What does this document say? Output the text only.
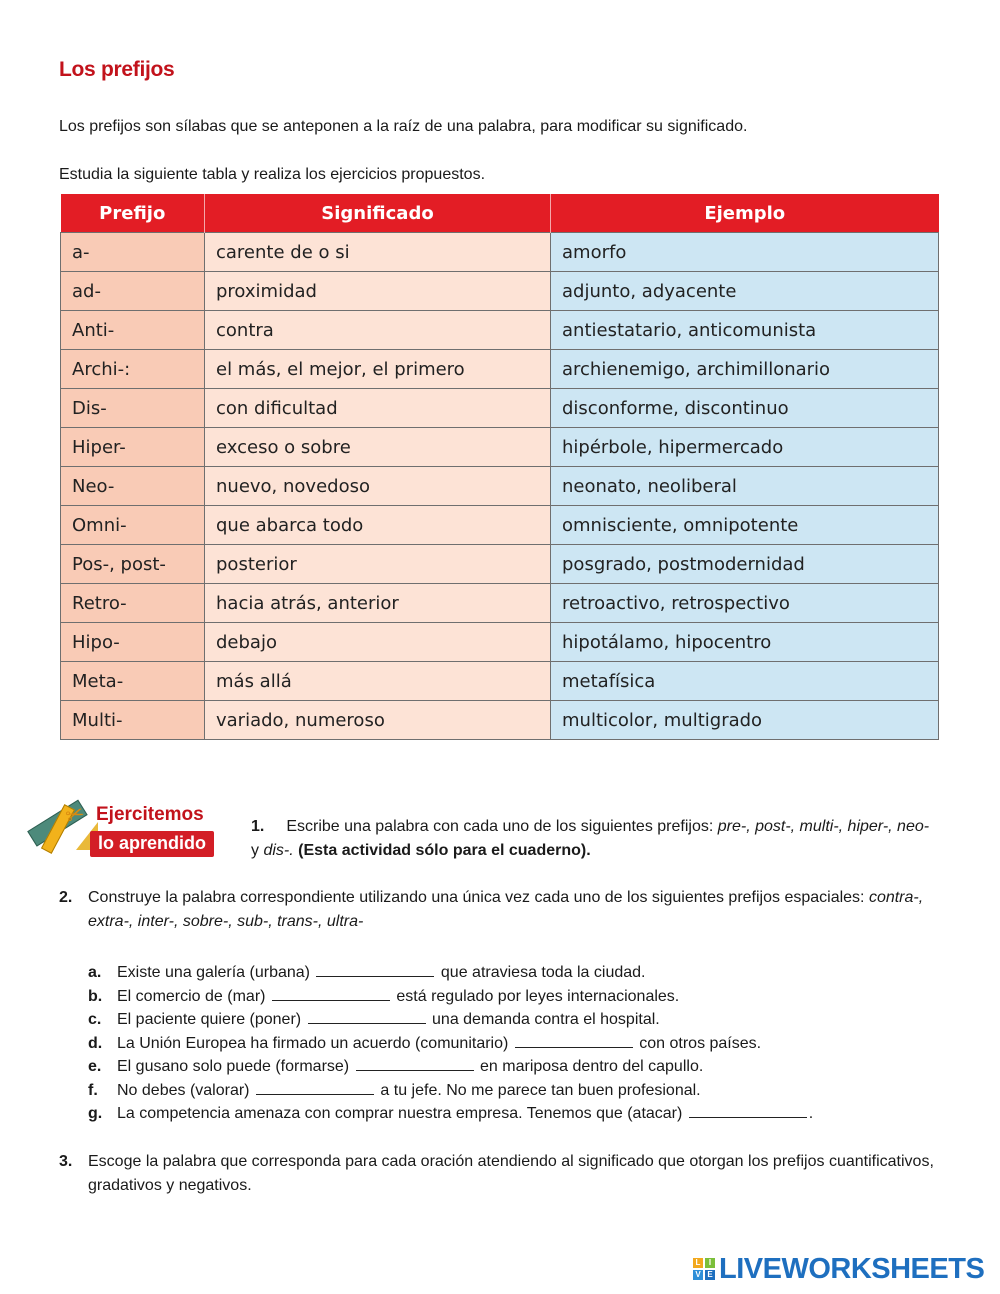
Los prefijos
Los prefijos son sílabas que se anteponen a la raíz de una palabra, para modificar su significado.
Estudia la siguiente tabla y realiza los ejercicios propuestos.
Prefijo	Significado	Ejemplo
a-	carente de o si	amorfo
ad-	proximidad	adjunto, adyacente
Anti-	contra	antiestatario, anticomunista
Archi-:	el más, el mejor, el primero	archienemigo, archimillonario
Dis-	con dificultad	disconforme, discontinuo
Hiper-	exceso o sobre	hipérbole, hipermercado
Neo-	nuevo, novedoso	neonato, neoliberal
Omni-	que abarca todo	omnisciente, omnipotente
Pos-, post-	posterior	posgrado, postmodernidad
Retro-	hacia atrás, anterior	retroactivo, retrospectivo
Hipo-	debajo	hipotálamo, hipocentro
Meta-	más allá	metafísica
Multi-	variado, numeroso	multicolor, multigrado
✂ Ejercitemos
lo aprendido
1. Escribe una palabra con cada uno de los siguientes prefijos: pre-, post-, multi-, hiper-, neo- y dis-. (Esta actividad sólo para el cuaderno).
2. Construye la palabra correspondiente utilizando una única vez cada uno de los siguientes prefijos espaciales: contra-, extra-, inter-, sobre-, sub-, trans-, ultra-
a. Existe una galería (urbana)	que atraviesa toda la ciudad.
b. El comercio de (mar)	está regulado por leyes internacionales.
c. El paciente quiere (poner)	una demanda contra el hospital.
d. La Unión Europea ha firmado un acuerdo (comunitario)	con otros países.
e. El gusano solo puede (formarse)	en mariposa dentro del capullo.
f. No debes (valorar)	a tu jefe. No me parece tan buen profesional.
g. La competencia amenaza con comprar nuestra empresa. Tenemos que (atacar)	.
3. Escoge la palabra que corresponda para cada oración atendiendo al significado que otorgan los prefijos cuantificativos, gradativos y negativos.
L	I
V E LIVEWORKSHEETS
